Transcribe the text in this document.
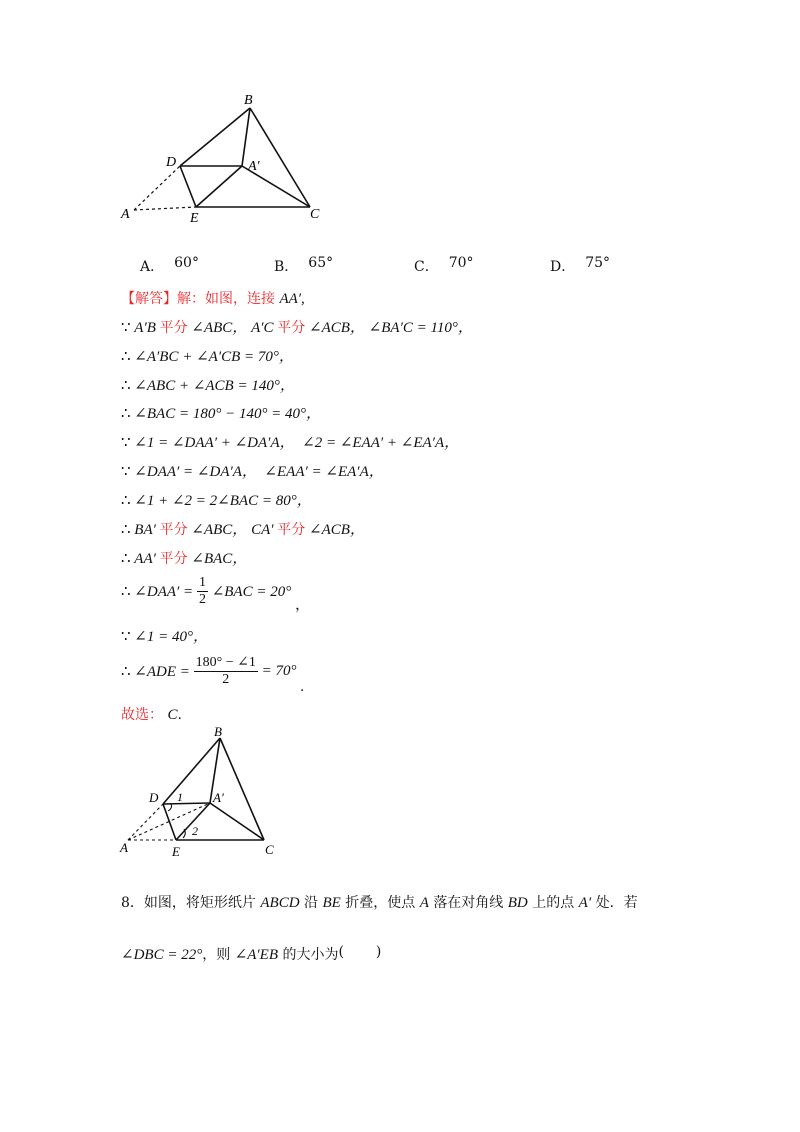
B
D	A′
A	E	C
A． 60°	B． 65°	C． 70°	D． 75°
【解答】解：如图，连接 AA′,
∵ A′B 平分 ∠ABC， A′C 平分 ∠ACB， ∠BA′C = 110°，
∴ ∠A′BC + ∠A′CB = 70°，
∴ ∠ABC + ∠ACB = 140°，
∴ ∠BAC = 180° − 140° = 40°，
∵ ∠1 = ∠DAA′ + ∠DA′A，  ∠2 = ∠EAA′ + ∠EA′A，
∵ ∠DAA′ = ∠DA′A，  ∠EAA′ = ∠EA′A，
∴ ∠1 + ∠2 = 2∠BAC = 80°，
∴ BA′ 平分 ∠ABC， CA′ 平分 ∠ACB，
∴ AA′ 平分 ∠BAC，
∴ ∠DAA′ = $\frac{1}{2}$ ∠BAC = 20° ，
∵ ∠1 = 40°，
∴ ∠ADE = $\frac{180^\circ - \angle 1}{2} = 70^\circ$ .
故选： C.
B
D 1 A′
2
A	E	C
8．如图，将矩形纸片 ABCD 沿 BE 折叠，使点 A 落在对角线 BD 上的点 A′ 处．若
∠DBC = 22°，则 ∠A′EB 的大小为( )
